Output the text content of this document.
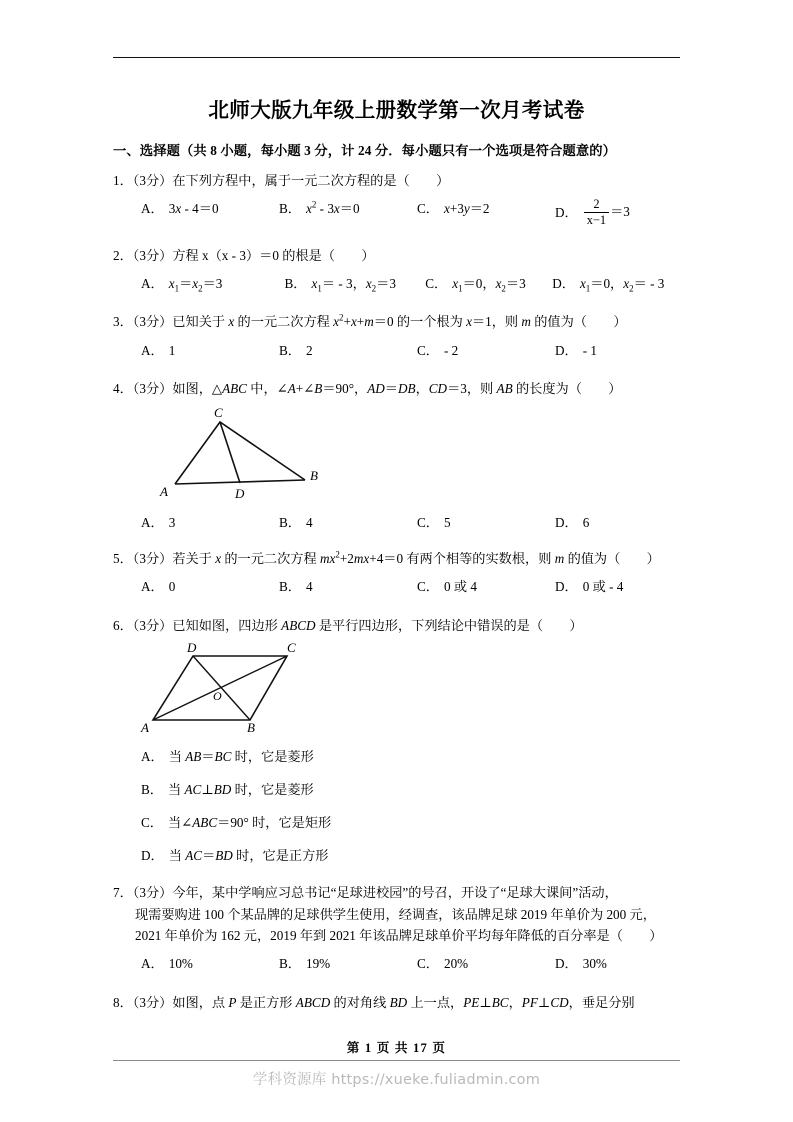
北师大版九年级上册数学第一次月考试卷
一、选择题（共 8 小题，每小题 3 分，计 24 分．每小题只有一个选项是符合题意的）
1．（3分）在下列方程中，属于一元二次方程的是（　　）
A． 3x - 4＝0	B． $x^2 - 3x=0$	C． x+3y＝2	D． $\frac{2}{x-1} =3$
2．（3分）方程 x（x - 3）＝0 的根是（　　）
A． $x_1=x_2=3$	B． $x_1= - 3$，$x_2=3$	C． $x_1=0$，$x_2=3$	D． $x_1=0$，$x_2= - 3$
3．（3分）已知关于 x 的一元二次方程 $x^2+x+m=0$ 的一个根为 x＝1，则 m 的值为（　　）
A． 1	B． 2	C． - 2	D． - 1
4．（3分）如图，△ABC 中，∠A+∠B＝90°，AD＝DB，CD＝3，则 AB 的长度为（　　）
A
B
C
D
A． 3	B． 4	C． 5	D． 6
5．（3分）若关于 x 的一元二次方程 $mx^2+2mx+4=0$ 有两个相等的实数根，则 m 的值为（　　）
A． 0	B． 4	C． 0 或 4	D． 0 或 - 4
6．（3分）已知如图，四边形 ABCD 是平行四边形，下列结论中错误的是（　　）
A	B
C
D
O
A． 当 AB＝BC 时，它是菱形
B． 当 AC⊥BD 时，它是菱形
C． 当∠ABC＝90° 时，它是矩形
D． 当 AC＝BD 时，它是正方形
7．（3分）今年，某中学响应习总书记“足球进校园”的号召，开设了“足球大课间”活动，
现需要购进 100 个某品牌的足球供学生使用，经调查，该品牌足球 2019 年单价为 200 元，
2021 年单价为 162 元，2019 年到 2021 年该品牌足球单价平均每年降低的百分率是（　　）
A． 10%	B． 19%	C． 20%	D． 30%
8．（3分）如图，点 P 是正方形 ABCD 的对角线 BD 上一点，PE⊥BC，PF⊥CD，垂足分别
第 1 页 共 17 页
学科资源库 https://xueke.fuliadmin.com
